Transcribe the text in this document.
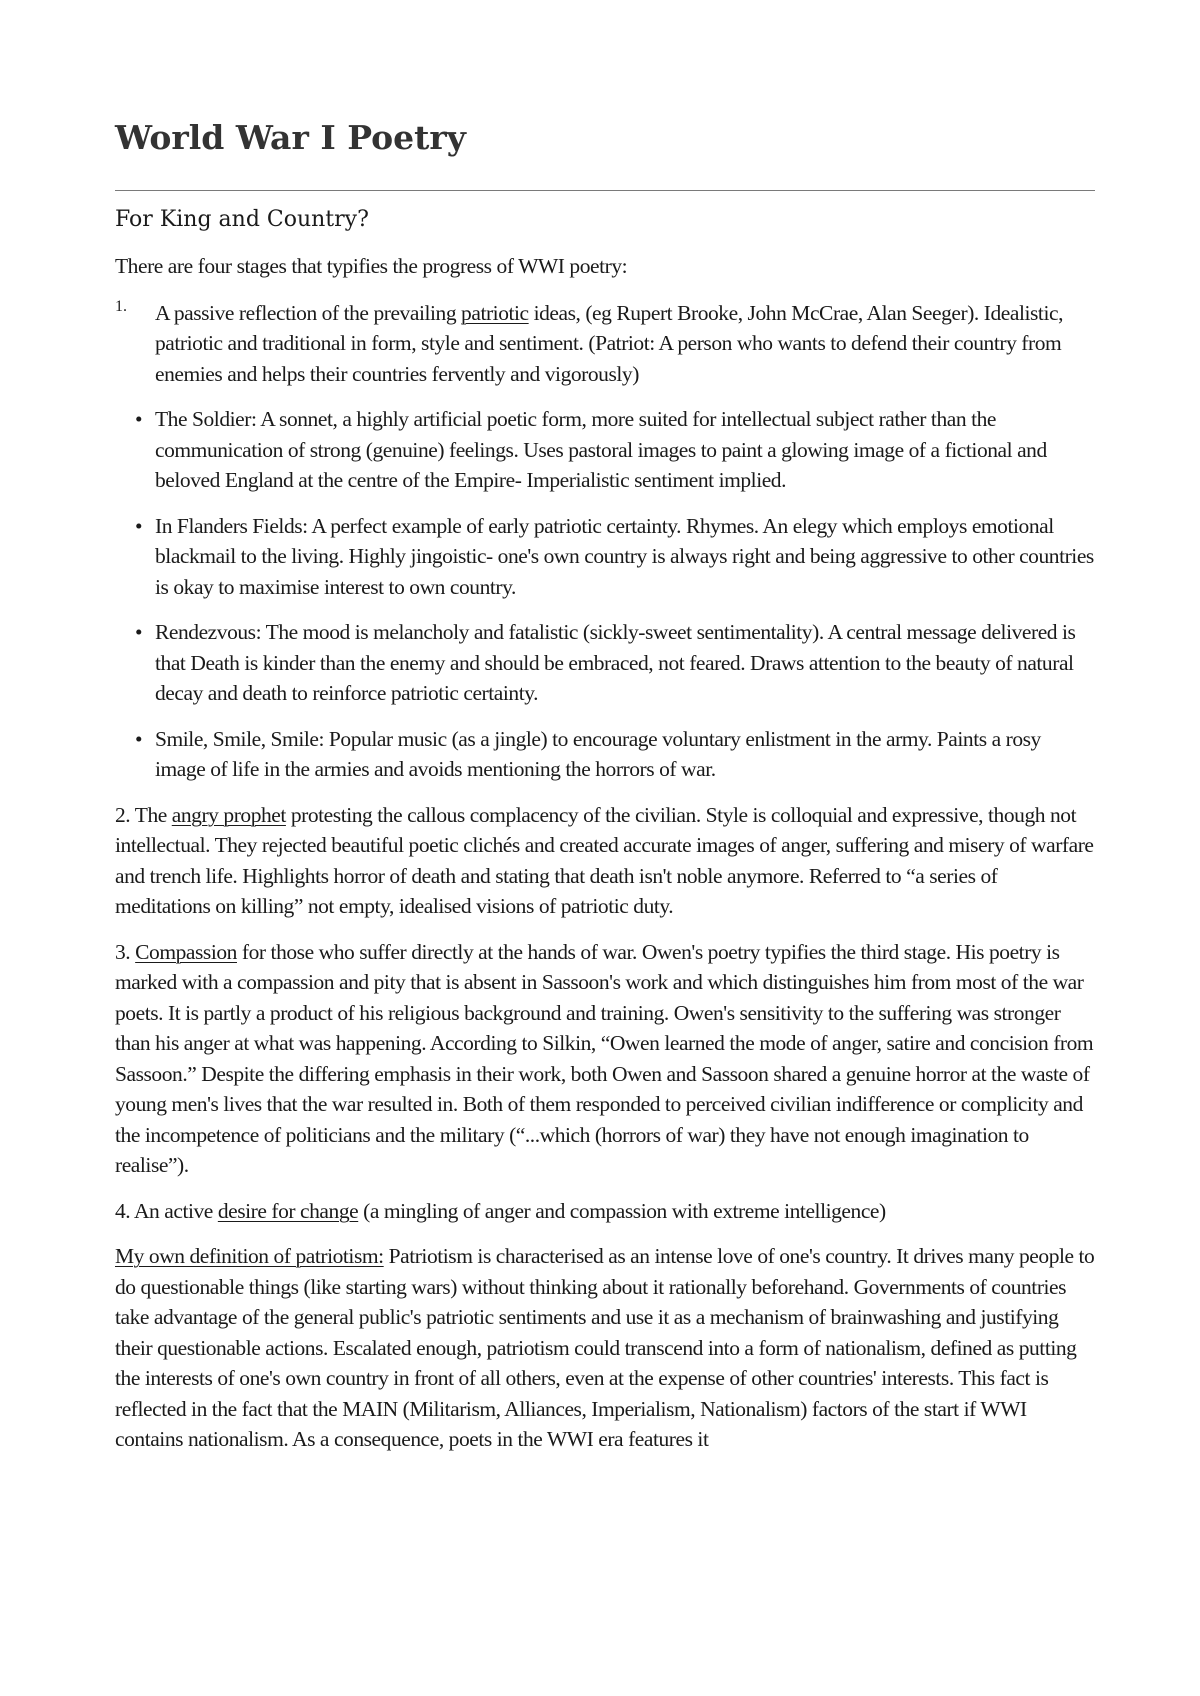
World War I Poetry
For King and Country?

There are four stages that typifies the progress of WWI poetry:

1. A passive reflection of the prevailing patriotic ideas, (eg Rupert Brooke, John McCrae, Alan Seeger). Idealistic, patriotic and traditional in form, style and sentiment. (Patriot: A person who wants to defend their country from enemies and helps their countries fervently and vigorously)

• The Soldier: A sonnet, a highly artificial poetic form, more suited for intellectual subject rather than the communication of strong (genuine) feelings. Uses pastoral images to paint a glowing image of a fictional and beloved England at the centre of the Empire- Imperialistic sentiment implied.
• In Flanders Fields: A perfect example of early patriotic certainty. Rhymes. An elegy which employs emotional blackmail to the living. Highly jingoistic- one's own country is always right and being aggressive to other countries is okay to maximise interest to own country.
• Rendezvous: The mood is melancholy and fatalistic (sickly-sweet sentimentality). A central message delivered is that Death is kinder than the enemy and should be embraced, not feared. Draws attention to the beauty of natural decay and death to reinforce patriotic certainty.
• Smile, Smile, Smile: Popular music (as a jingle) to encourage voluntary enlistment in the army. Paints a rosy image of life in the armies and avoids mentioning the horrors of war.

2. The angry prophet protesting the callous complacency of the civilian. Style is colloquial and expressive, though not intellectual. They rejected beautiful poetic clichés and created accurate images of anger, suffering and misery of warfare and trench life. Highlights horror of death and stating that death isn't noble anymore. Referred to “a series of meditations on killing” not empty, idealised visions of patriotic duty.

3. Compassion for those who suffer directly at the hands of war. Owen's poetry typifies the third stage. His poetry is marked with a compassion and pity that is absent in Sassoon's work and which distinguishes him from most of the war poets. It is partly a product of his religious background and training. Owen's sensitivity to the suffering was stronger than his anger at what was happening. According to Silkin, “Owen learned the mode of anger, satire and concision from Sassoon.” Despite the differing emphasis in their work, both Owen and Sassoon shared a genuine horror at the waste of young men's lives that the war resulted in. Both of them responded to perceived civilian indifference or complicity and the incompetence of politicians and the military (“...which (horrors of war) they have not enough imagination to realise”).

4. An active desire for change (a mingling of anger and compassion with extreme intelligence)

My own definition of patriotism: Patriotism is characterised as an intense love of one's country. It drives many people to do questionable things (like starting wars) without thinking about it rationally beforehand. Governments of countries take advantage of the general public's patriotic sentiments and use it as a mechanism of brainwashing and justifying their questionable actions. Escalated enough, patriotism could transcend into a form of nationalism, defined as putting the interests of one's own country in front of all others, even at the expense of other countries' interests. This fact is reflected in the fact that the MAIN (Militarism, Alliances, Imperialism, Nationalism) factors of the start if WWI contains nationalism. As a consequence, poets in the WWI era features it
